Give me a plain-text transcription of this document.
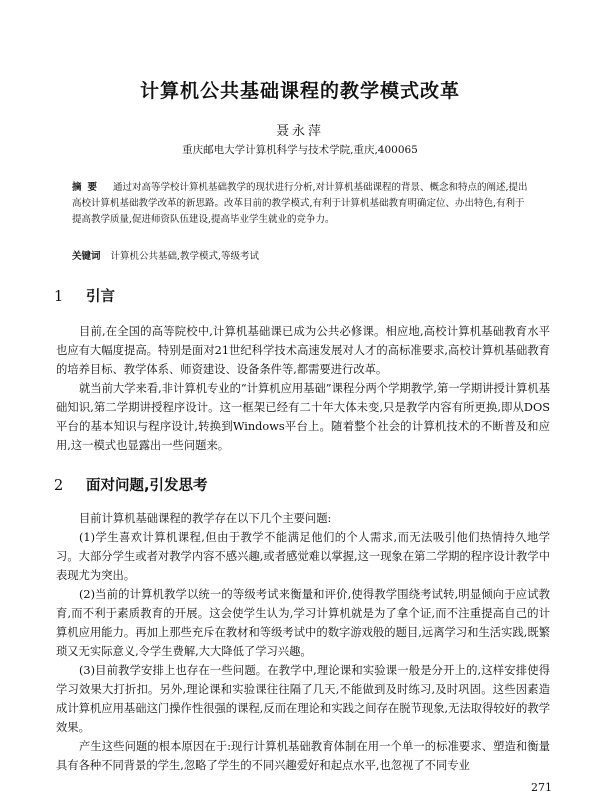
计算机公共基础课程的教学模式改革
聂永萍
重庆邮电大学计算机科学与技术学院,重庆,400065
摘要 通过对高等学校计算机基础教学的现状进行分析,对计算机基础课程的背景、概念和特点的阐述,提出高校计算机基础教学改革的新思路。改革目前的教学模式,有利于计算机基础教育明确定位、办出特色,有利于提高教学质量,促进师资队伍建设,提高毕业学生就业的竞争力。
关键词 计算机公共基础,教学模式,等级考试
1 引言

目前,在全国的高等院校中,计算机基础课已成为公共必修课。相应地,高校计算机基础教育水平也应有大幅度提高。特别是面对21世纪科学技术高速发展对人才的高标准要求,高校计算机基础教育的培养目标、教学体系、师资建设、设备条件等,都需要进行改革。

就当前大学来看,非计算机专业的“计算机应用基础”课程分两个学期教学,第一学期讲授计算机基础知识,第二学期讲授程序设计。这一框架已经有二十年大体未变,只是教学内容有所更换,即从DOS平台的基本知识与程序设计,转换到Windows平台上。随着整个社会的计算机技术的不断普及和应用,这一模式也显露出一些问题来。

2 面对问题,引发思考

目前计算机基础课程的教学存在以下几个主要问题:

(1)学生喜欢计算机课程,但由于教学不能满足他们的个人需求,而无法吸引他们热情持久地学习。大部分学生或者对教学内容不感兴趣,或者感觉难以掌握,这一现象在第二学期的程序设计教学中表现尤为突出。

(2)当前的计算机教学以统一的等级考试来衡量和评价,使得教学围绕考试转,明显倾向于应试教育,而不利于素质教育的开展。这会使学生认为,学习计算机就是为了拿个证,而不注重提高自己的计算机应用能力。再加上那些充斥在教材和等级考试中的数字游戏般的题目,远离学习和生活实践,既繁琐又无实际意义,令学生费解,大大降低了学习兴趣。

(3)目前教学安排上也存在一些问题。在教学中,理论课和实验课一般是分开上的,这样安排使得学习效果大打折扣。另外,理论课和实验课往往隔了几天,不能做到及时练习,及时巩固。这些因素造成计算机应用基础这门操作性很强的课程,反而在理论和实践之间存在脱节现象,无法取得较好的教学效果。

产生这些问题的根本原因在于:现行计算机基础教育体制在用一个单一的标准要求、塑造和衡量具有各种不同背景的学生,忽略了学生的不同兴趣爱好和起点水平,也忽视了不同专业

271
